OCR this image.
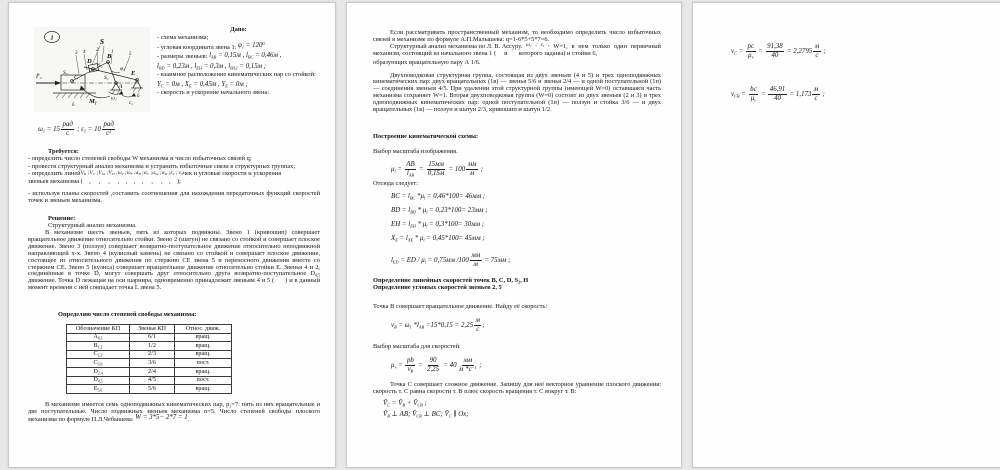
1	S
3 4 2	1	5
D
B
C
A
E
S₁
S₂
S₃
F̄₃
M₁	ω₁
ε₁
φ₁
6
6
Дано:
- схема механизма;
- угловая координата звена 1: $\varphi_1 = 120^0$
- размеры звеньев: $l_{AB} = 0,15м$ , $l_{BC} = 0,46м$ ,
$l_{BD} = 0,23м$ , $l_{EH} = 0,3м$ , $l_{HS2} = 0,15м$ ;
- взаимное расположение кинематических пар со стойкой:
$Y_C = 0м$ , $X_E = 0,45м$ , $Y_E = 0м$ ;
- скорость и ускорение начального звена:
$\omega_1 = 15$
рад
с
; $\varepsilon_1 = 10$
рад
$с^2$
Требуется:
- определить число степеней свободы W механизма и число избыточных связей q;
- провести структурный анализ механизма и устранить избыточные связи в структурных группах;
- определить линейV$_B$ $;V_C$ $;V_{S2}$ $;V_D$ $;\omega_2$ $;\omega_3$ $;a_B$ $;a_C$ $;a_{S2}$ $;a_D$ $;\varepsilon_2$ ; $\varepsilon_3чек$ и угловые скорости и ускорения
звеньев механизма (    ,     ,     ,     ,    ,    ,    ,     ,     ,    ,    );
- используя планы скоростей ,составить соотношения для нахождения передаточных функций скоростей точек и звеньев механизма.
Решение:
Структурный анализ механизма.
В механизме шесть звеньев, пять из которых подвижны. Звено 1 (кривошип) совершает вращательное движение относительно стойки. Звено 2 (шатун) не связано со стойкой и совершает плоское движение. Звено 3 (ползун) совершает возвратно-поступательное движение относительно неподвижной направляющей x-x. Звено 4 (кулисный камень) не связано со стойкой и совершает плоское движение, состоящее из относительного движения по стержню СЕ звена 5 и переносного движения вместе со стержнем СЕ. Звено 5 (кулиса) совершает вращательное движение относительно стойки Е. Звенья 4 и 2, соединённые в точке D, могут совершать друг относительно друга возвратно-поступательное $D_{4,5}$ движение. Точка D лежащая на оси шарнира, одновременно принадлежит звеньям 4 и 5 (      ) и в данный момент времени с ней совпадает точка L звена 5.
Определяю число степеней свободы механизма:
Обозначение КП	Звенья КП	Относ. движ.
$A_{6,1}$	6/1	вращ.
$B_{1,2}$	1/2	вращ.
$C_{2,3}$	2/3	вращ.
$C_{3,6}$	3/6	пост.
$D_{2,4}$	2/4	вращ.
$D_{4,5}$	4/5	пост.
$E_{5,6}$	5/6	вращ.
В механизме имеется семь одноподвижных кинематических пар, $p_1=7$: пять из них вращательные и две поступательные. Число подвижных звеньев механизма n=5. Число степеней свободы плоского механизма по формуле П.Л.Чебышева: W = 3*5− 2*7 = 1.
Если рассматривать пространственный механизм, то необходимо определить число избыточных связей в механизме по формуле А.П.Малышева: q=1-6*5+5*7=6.
Структурный анализ механизма по Л. В. Ассуру. $\omega_1$ ; $\varepsilon_1$ , W=1, в нем только один первичный механизм, состоящий из начального звена 1 (     и       которого заданы) и стойки 6,
образующих вращательную пару А 1/6.
Двухповодковая структурная группа, состоящая из двух звеньев (4 и 5) и трех одноподвижных кинематических пар: двух вращательных (1в) — звенья 5/6 и звенья 2/4 — и одной поступательной (1п) — соединения звеньев 4/5. При удалении этой структурной группы (имеющей W=0) оставшаяся часть механизма сохраняет W=1. Вторая двухповодковая группа (W=0) состоит из двух звеньев (2 и 3) и трех одноподвижных кинематических пар: одной поступательной (1п) — ползун и стойка 3/6 — и двух вращательных (1в) — ползун и шатун 2/3, кривошип и шатун 1/2.
Построение кинематической схемы:
Выбор масштаба изображения.
$\mu_l$ =
AB
$l_{AB}$
=
15мм
0,15м
= 100
мм
м
;
Отсюда следует:
BC = $l_{BC}$ $*\mu_l = 0,46*100= 46мм$ ;
BD = $l_{BD} * \mu_l = 0,23*100= 23мм$ ;
EH = $l_{EH} * \mu_l = 0,3*100= 30мм$ ;
$X_E = l_{XE} * \mu_l = 0,45*100= 45мм$ ;
$l_{ED}$ = ED / $\mu_l = 0,75мм$ /100
мм
м
= 75мм ;
Определение линейных скоростей точек В, С, D, $S_2$, Н
Определение угловых скоростей звеньев 2, 5
Точка В совершает вращательное движение. Найду её скорость:
$v_B = \omega_1$ $*l_{AB} =15*0,15 = 2,25$
м
с
;
Выбор масштаба для скоростей:
$\mu_v = \frac{pb}{v_B} = \frac{90}{2,25} = 40$
мм
м $*с^{-1}$ ;
Точка С совершает сложное движение. Запишу для неё векторное уравнение плоского движения: скорость т. С равна скорости т. В плюс скорость вращения т. С вокруг т. В:
$V̄_C$ = $V̄_B$ + $V̄_{CB}$ ;
$V̄_B$ ⊥ AB; $V̄_{CB}$ ⊥ BC; $V̄_C$ ∥ Oх;
$v_C = \frac{pc}{\mu_v} = \frac{91,38}{40} = 2,2795$
м
с
;
$v_{CB} = \frac{bc}{\mu_v} = \frac{46,91}{40} = 1,173$
м
с
;
